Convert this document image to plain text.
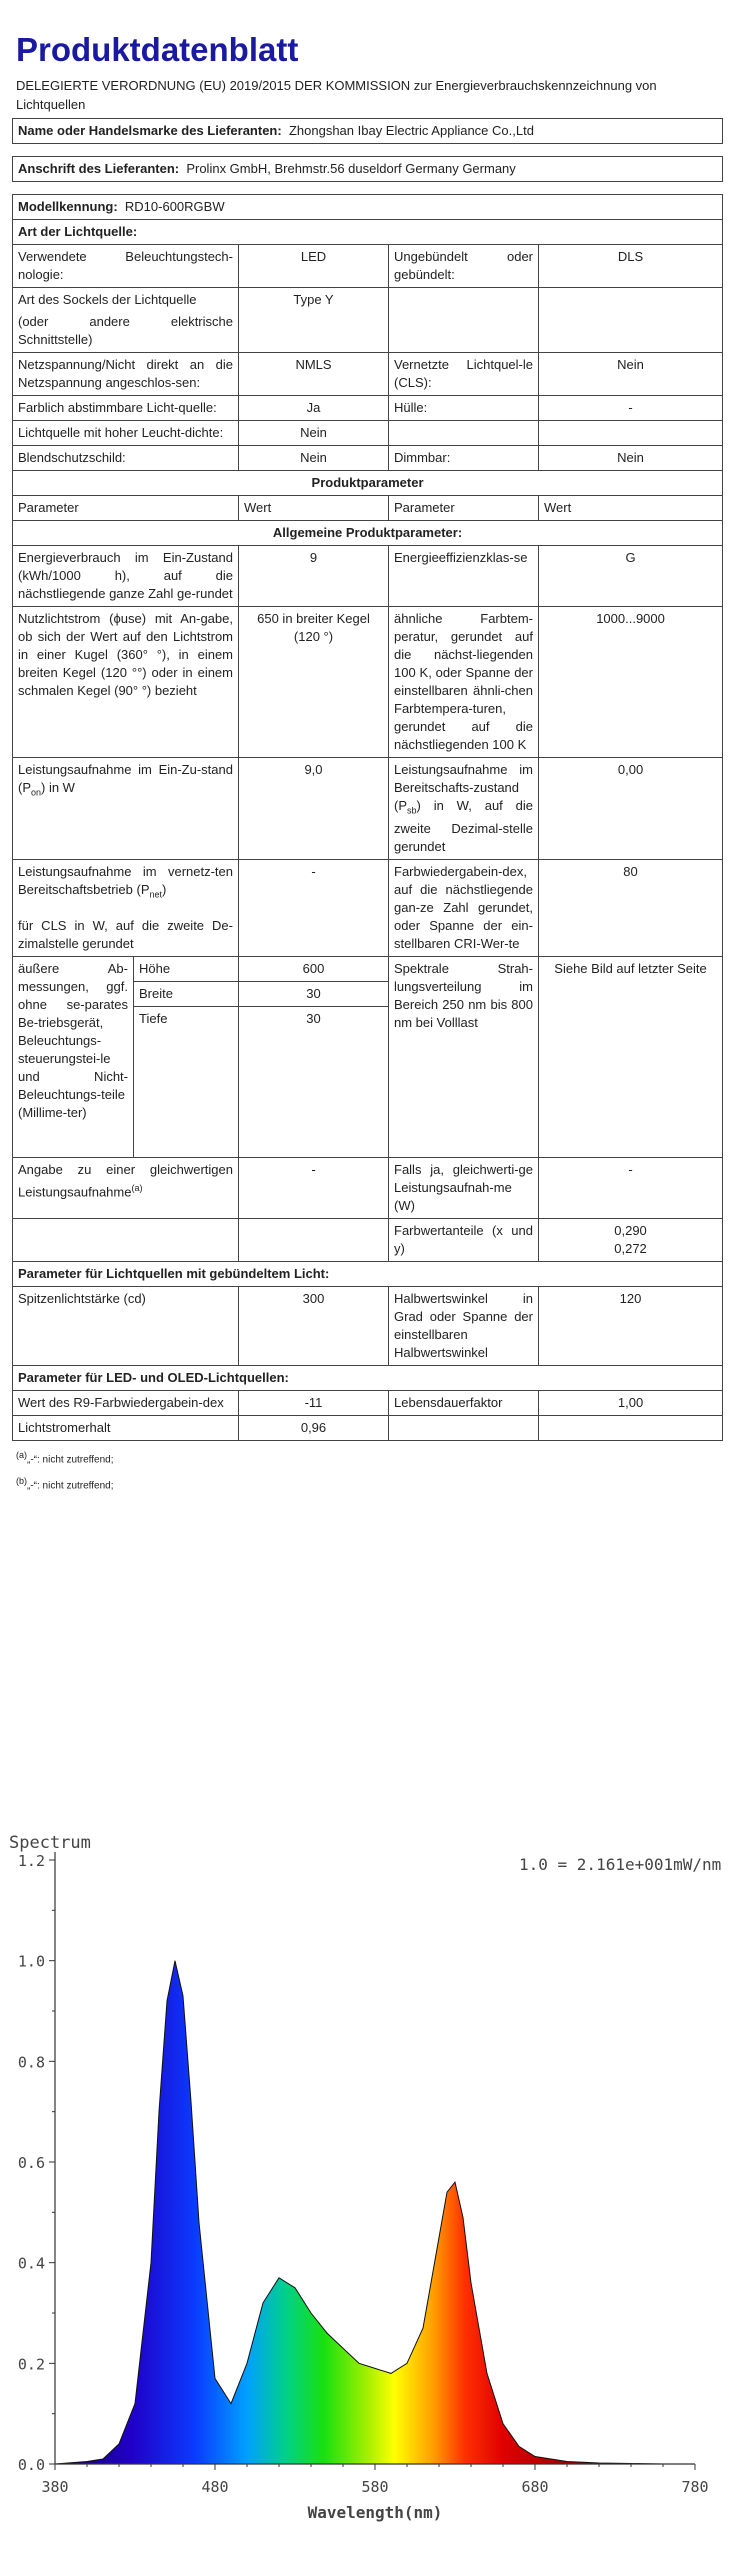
Produktdatenblatt
DELEGIERTE VERORDNUNG (EU) 2019/2015 DER KOMMISSION zur Energieverbrauchskennzeichnung von Lichtquellen
Name oder Handelsmarke des Lieferanten: Zhongshan Ibay Electric Appliance Co.,Ltd				

Anschrift des Lieferanten: Prolinx GmbH, Brehmstr.56 duseldorf Germany Germany				

Modellkennung: RD10-600RGBW				
Art der Lichtquelle:				
Verwendete Beleuchtungstech-nologie:		LED	Ungebündelt oder gebündelt:	DLS

Art des Sockels der Lichtquelle
(oder andere elektrische Schnittstelle)		Type Y		
Netzspannung/Nicht direkt an die Netzspannung angeschlos-sen:		NMLS	Vernetzte Lichtquel-le (CLS):	Nein
Farblich abstimmbare Licht-quelle:		Ja	Hülle:	-
Lichtquelle mit hoher Leucht-dichte:		Nein		
Blendschutzschild:		Nein	Dimmbar:	Nein
Produktparameter				
Parameter		Wert	Parameter	Wert
Allgemeine Produktparameter:				
Energieverbrauch im Ein-Zustand (kWh/1000 h), auf die nächstliegende ganze Zahl ge-rundet		9	Energieeffizienzklas-se	G
Nutzlichtstrom (ϕuse) mit An-gabe, ob sich der Wert auf den Lichtstrom in einer Kugel (360° °), in einem breiten Kegel (120 °°) oder in einem schmalen Kegel (90° °) bezieht		650 in breiter Kegel (120 °)	ähnliche Farbtem-peratur, gerundet auf die nächst-liegenden 100 K, oder Spanne der einstellbaren ähnli-chen Farbtempera-turen, gerundet auf die nächstliegenden 100 K	1000...9000
Leistungsaufnahme im Ein-Zu-stand $(P_{on})$ in W		9,0	Leistungsaufnahme im Bereitschafts-zustand $(P_{sb})$ in W, auf die zweite Dezimal-stelle gerundet	0,00
Leistungsaufnahme im vernetz-ten Bereitschaftsbetrieb $(P_{net})$
für CLS in W, auf die zweite De-zimalstelle gerundet		-	Farbwiedergabein-dex, auf die nächstliegende gan-ze Zahl gerundet, oder Spanne der ein-stellbaren CRI-Wer-te	80
äußere Ab-messungen, ggf. ohne se-parates Be-triebsgerät, Beleuchtungs-steuerungstei-le und Nicht-Beleuchtungs-teile (Millime-ter)	Höhe	600	Spektrale Strah-lungsverteilung im Bereich 250 nm bis 800 nm bei Volllast	Siehe Bild auf letzter Seite
	Breite	30		
	Tiefe	30		
Angabe zu einer gleichwertigen Leistungsaufnahme$^{(a)}$		-	Falls ja, gleichwerti-ge Leistungsaufnah-me (W)	-
			Farbwertanteile (x und y)	0,290
0,272

Parameter für Lichtquellen mit gebündeltem Licht:				
Spitzenlichtstärke (cd)		300	Halbwertswinkel in Grad oder Spanne der einstellbaren Halbwertswinkel	120
Parameter für LED- und OLED-Lichtquellen:				
Wert des R9-Farbwiedergabein-dex		-11	Lebensdauerfaktor	1,00
Lichtstromerhalt		0,96		
$^{(a)}$„-“: nicht zutreffend;
$^{(b)}$„-“: nicht zutreffend;
Spectrum
1.0 = 2.161e+001mW/nm
0.0
0.2
0.4
0.6
0.8
1.0
1.2
380	480	580	680	780
Wavelength(nm)
